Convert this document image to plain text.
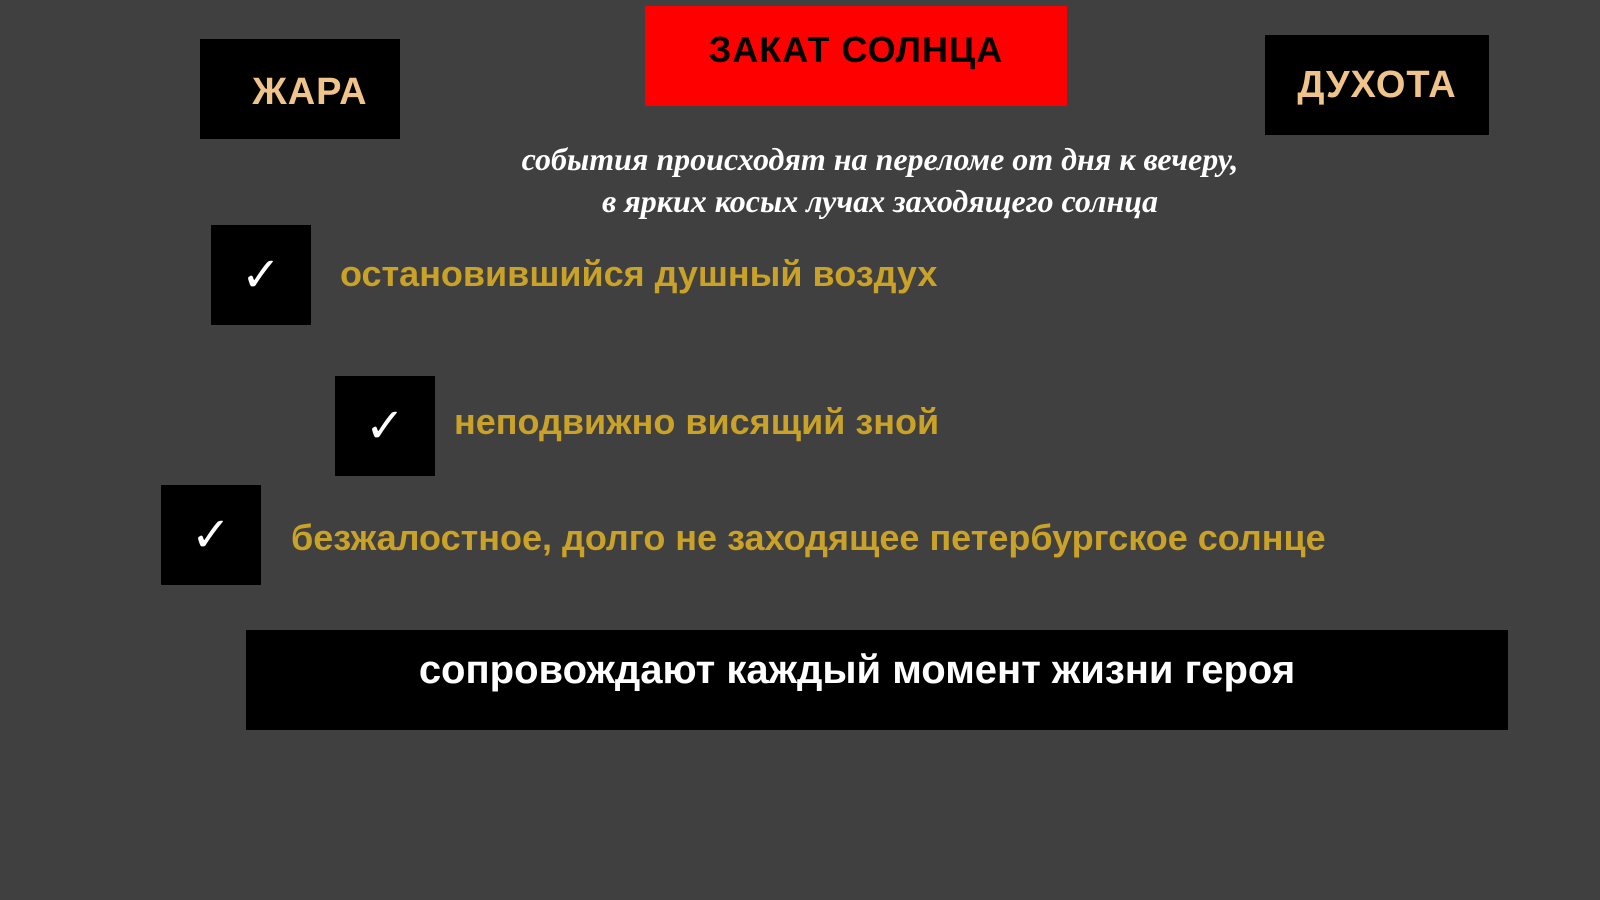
ЗАКАТ СОЛНЦА
ЖАРА	ДУХОТА
события происходят на переломе от дня к вечеру,
в ярких косых лучах заходящего солнца
✓ остановившийся душный воздух
✓ неподвижно висящий зной
✓ безжалостное, долго не заходящее петербургское солнце
сопровождают каждый момент жизни героя
